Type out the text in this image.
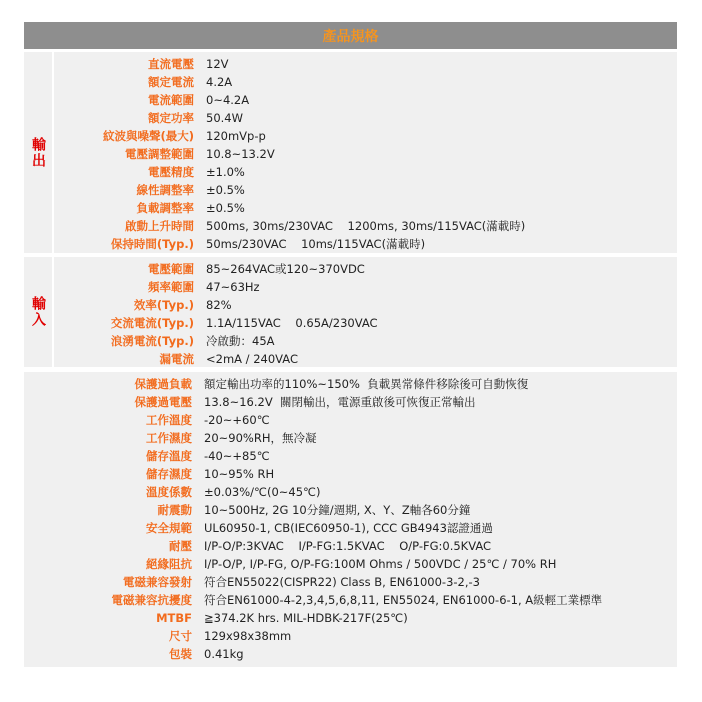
產品規格
輸出
直流電壓	12V
額定電流	4.2A
電流範圍	0~4.2A
額定功率	50.4W
紋波與噪聲(最大)	120mVp-p
電壓調整範圍	10.8~13.2V
電壓精度	±1.0%
線性調整率	±0.5%
負載調整率	±0.5%
啟動上升時間	500ms, 30ms/230VAC    1200ms, 30ms/115VAC(滿載時)
保持時間(Typ.)	50ms/230VAC    10ms/115VAC(滿載時)
輸入
電壓範圍	85~264VAC或120~370VDC
頻率範圍	47~63Hz
效率(Typ.)	82%
交流電流(Typ.)	1.1A/115VAC    0.65A/230VAC
浪湧電流(Typ.)	冷啟動：45A
漏電流	<2mA / 240VAC
保護過負載	額定輸出功率的110%~150%  負載異常條件移除後可自動恢復
保護過電壓	13.8~16.2V  關閉輸出，電源重啟後可恢復正常輸出
工作溫度	-20~+60℃
工作濕度	20~90%RH，無冷凝
儲存溫度	-40~+85℃
儲存濕度	10~95% RH
溫度係數	±0.03%/℃(0~45℃)
耐震動	10~500Hz, 2G 10分鐘/週期, X、Y、Z軸各60分鐘
安全規範	UL60950-1, CB(IEC60950-1), CCC GB4943認證通過
耐壓	I/P-O/P:3KVAC    I/P-FG:1.5KVAC    O/P-FG:0.5KVAC
絕緣阻抗	I/P-O/P, I/P-FG, O/P-FG:100M Ohms / 500VDC / 25℃ / 70% RH
電磁兼容發射	符合EN55022(CISPR22) Class B, EN61000-3-2,-3
電磁兼容抗擾度	符合EN61000-4-2,3,4,5,6,8,11, EN55024, EN61000-6-1, A級輕工業標準
MTBF	≧374.2K hrs. MIL-HDBK-217F(25℃)
尺寸	129x98x38mm
包裝	0.41kg
